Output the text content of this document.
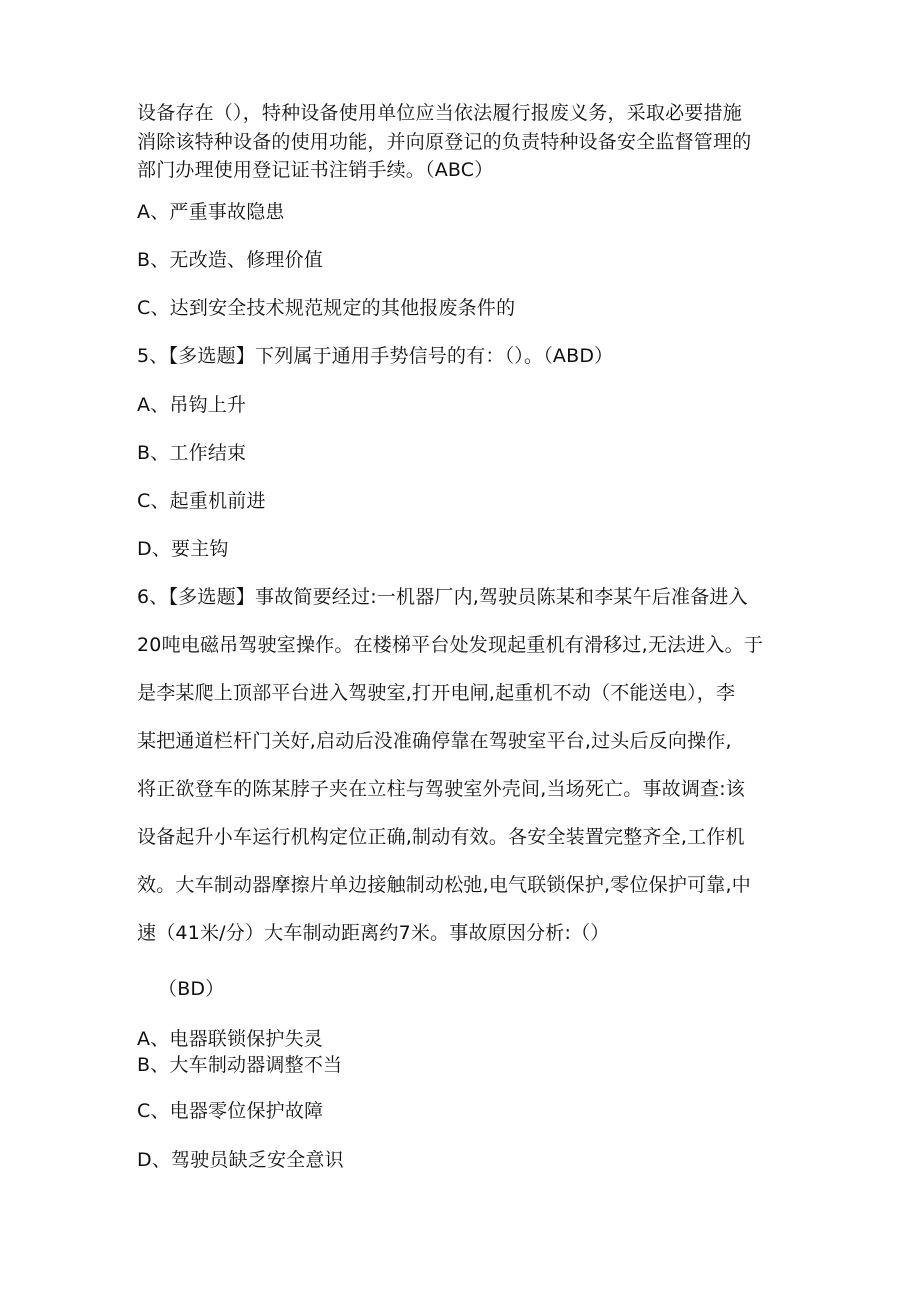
设备存在（），特种设备使用单位应当依法履行报废义务，采取必要措施
消除该特种设备的使用功能，并向原登记的负责特种设备安全监督管理的
部门办理使用登记证书注销手续。（ABC）
A、严重事故隐患
B、无改造、修理价值
C、达到安全技术规范规定的其他报废条件的
5、【多选题】下列属于通用手势信号的有：（）。（ABD）
A、吊钩上升
B、工作结束
C、起重机前进
D、要主钩
6、【多选题】事故简要经过:一机器厂内,驾驶员陈某和李某午后准备进入
20吨电磁吊驾驶室操作。在楼梯平台处发现起重机有滑移过,无法进入。于
是李某爬上顶部平台进入驾驶室,打开电闸,起重机不动（不能送电），李
某把通道栏杆门关好,启动后没准确停靠在驾驶室平台,过头后反向操作,
将正欲登车的陈某脖子夹在立柱与驾驶室外壳间,当场死亡。事故调查:该
设备起升小车运行机构定位正确,制动有效。各安全装置完整齐全,工作机
效。大车制动器摩擦片单边接触制动松弛,电气联锁保护,零位保护可靠,中
速（41米/分）大车制动距离约7米。事故原因分析:（）
（BD）
A、电器联锁保护失灵
B、大车制动器调整不当
C、电器零位保护故障
D、驾驶员缺乏安全意识
